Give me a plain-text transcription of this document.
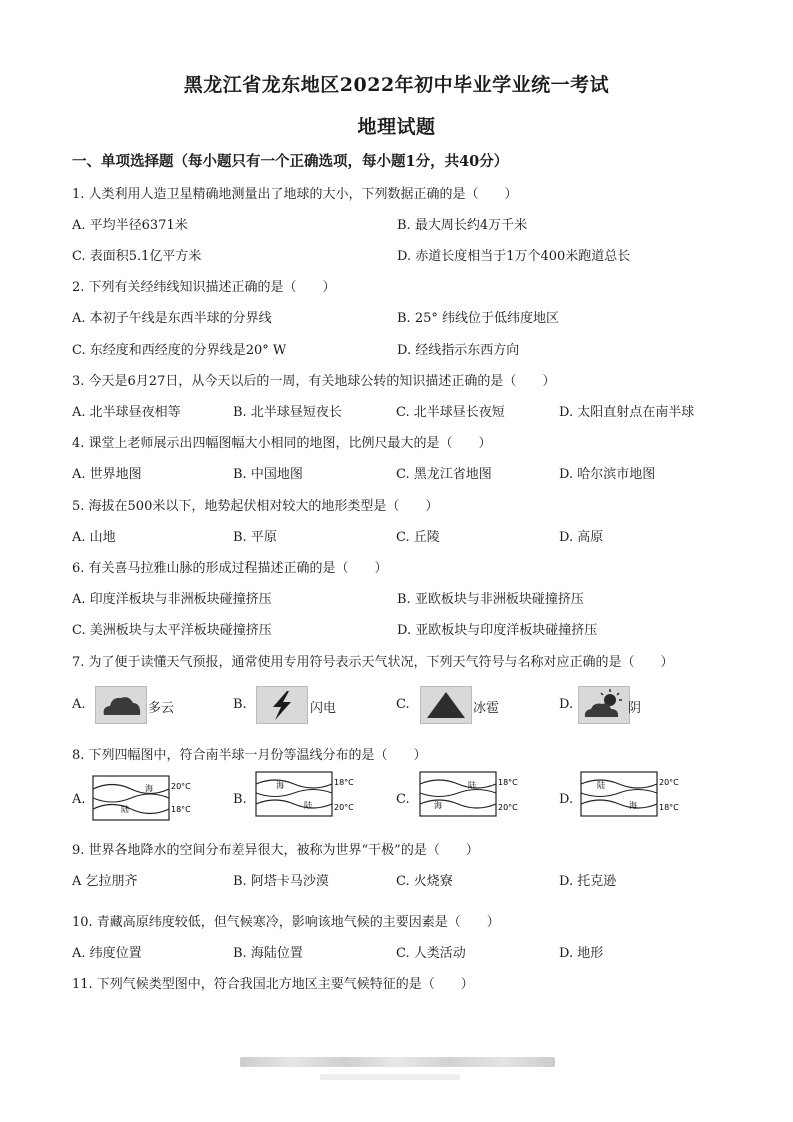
黑龙江省龙东地区2022年初中毕业学业统一考试
地理试题
一、单项选择题（每小题只有一个正确选项，每小题1分，共40分）
1. 人类利用人造卫星精确地测量出了地球的大小，下列数据正确的是（　　）
A. 平均半径6371米	B. 最大周长约4万千米
C. 表面积5.1亿平方米	D. 赤道长度相当于1万个400米跑道总长
2. 下列有关经纬线知识描述正确的是（　　）
A. 本初子午线是东西半球的分界线	B. 25° 纬线位于低纬度地区
C. 东经度和西经度的分界线是20° W	D. 经线指示东西方向
3. 今天是6月27日，从今天以后的一周，有关地球公转的知识描述正确的是（　　）
A. 北半球昼夜相等	B. 北半球昼短夜长	C. 北半球昼长夜短	D. 太阳直射点在南半球
4. 课堂上老师展示出四幅图幅大小相同的地图，比例尺最大的是（　　）
A. 世界地图	B. 中国地图	C. 黑龙江省地图	D. 哈尔滨市地图
5. 海拔在500米以下，地势起伏相对较大的地形类型是（　　）
A. 山地	B. 平原	C. 丘陵	D. 高原
6. 有关喜马拉雅山脉的形成过程描述正确的是（　　）
A. 印度洋板块与非洲板块碰撞挤压	B. 亚欧板块与非洲板块碰撞挤压
C. 美洲板块与太平洋板块碰撞挤压	D. 亚欧板块与印度洋板块碰撞挤压
7. 为了便于读懂天气预报，通常使用专用符号表示天气状况，下列天气符号与名称对应正确的是（　　）
A.	多云	B.	闪电	C.	冰雹	D.	阴
8. 下列四幅图中，符合南半球一月份等温线分布的是（　　）
A.
海
陆
20°C
18°C
B.
海
陆
18°C
20°C
C.
陆
海
18°C
20°C
D.
陆
海
20°C
18°C
9. 世界各地降水的空间分布差异很大，被称为世界“干极”的是（　　）
A 乞拉朋齐	B. 阿塔卡马沙漠	C. 火烧寮	D. 托克逊
10. 青藏高原纬度较低，但气候寒冷，影响该地气候的主要因素是（　　）
A. 纬度位置	B. 海陆位置	C. 人类活动	D. 地形
11. 下列气候类型图中，符合我国北方地区主要气候特征的是（　　）
